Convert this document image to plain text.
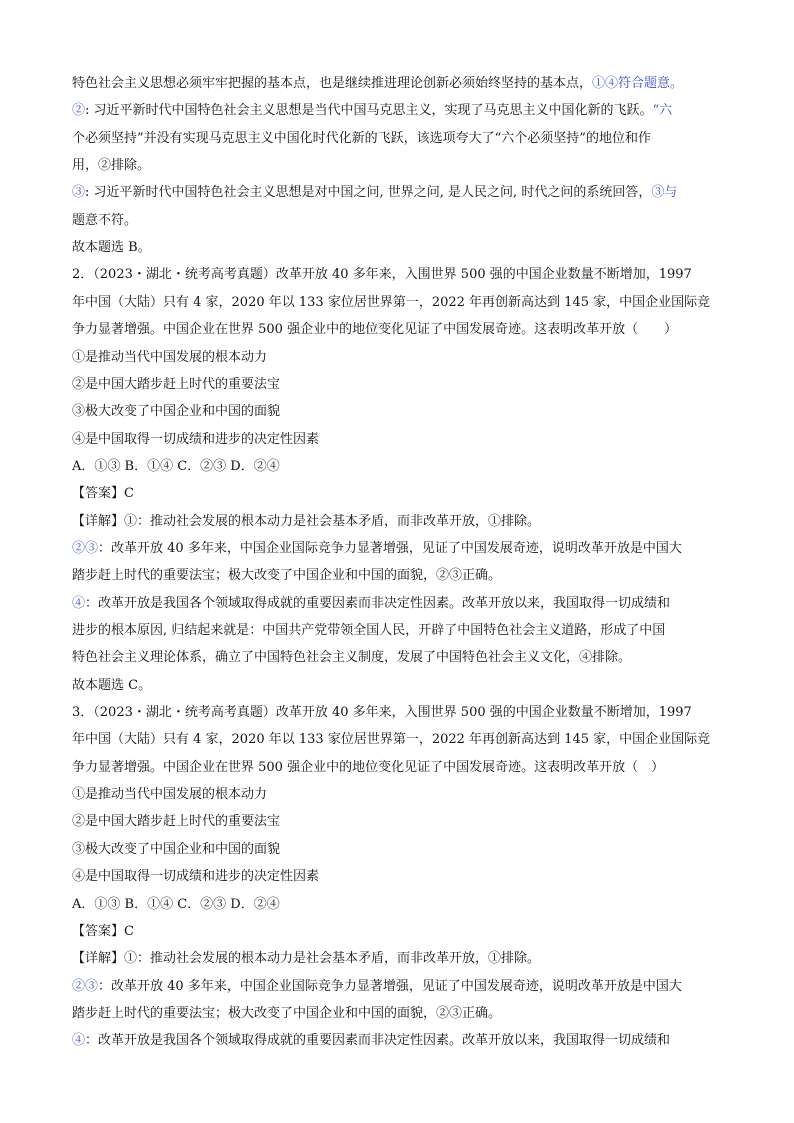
特色社会主义思想必须牢牢把握的基本点，也是继续推进理论创新必须始终坚持的基本点，①④符合题意。
②: 习近平新时代中国特色社会主义思想是当代中国马克思主义，实现了马克思主义中国化新的飞跃。“六
个必须坚持”并没有实现马克思主义中国化时代化新的飞跃，该选项夸大了“六个必须坚持”的地位和作
用，②排除。
③: 习近平新时代中国特色社会主义思想是对中国之问, 世界之问, 是人民之问, 时代之问的系统回答，③与
题意不符。
故本题选 B。
2．（2023・湖北・统考高考真题）改革开放 40 多年来，入围世界 500 强的中国企业数量不断增加，1997
年中国（大陆）只有 4 家，2020 年以 133 家位居世界第一，2022 年再创新高达到 145 家，中国企业国际竞
争力显著增强。中国企业在世界 500 强企业中的地位变化见证了中国发展奇迹。这表明改革开放（　　）
①是推动当代中国发展的根本动力
②是中国大踏步赶上时代的重要法宝
③极大改变了中国企业和中国的面貌
④是中国取得一切成绩和进步的决定性因素
A．①③ B．①④ C．②③ D．②④
【答案】C
【详解】①：推动社会发展的根本动力是社会基本矛盾，而非改革开放，①排除。
②③：改革开放 40 多年来，中国企业国际竞争力显著增强，见证了中国发展奇迹，说明改革开放是中国大
踏步赶上时代的重要法宝；极大改变了中国企业和中国的面貌，②③正确。
④：改革开放是我国各个领域取得成就的重要因素而非决定性因素。改革开放以来，我国取得一切成绩和
进步的根本原因, 归结起来就是：中国共产党带领全国人民，开辟了中国特色社会主义道路，形成了中国
特色社会主义理论体系，确立了中国特色社会主义制度，发展了中国特色社会主义文化，④排除。
故本题选 C。
3．（2023・湖北・统考高考真题）改革开放 40 多年来，入围世界 500 强的中国企业数量不断增加，1997
年中国（大陆）只有 4 家，2020 年以 133 家位居世界第一，2022 年再创新高达到 145 家，中国企业国际竞
争力显著增强。中国企业在世界 500 强企业中的地位变化见证了中国发展奇迹。这表明改革开放（　）
①是推动当代中国发展的根本动力
②是中国大踏步赶上时代的重要法宝
③极大改变了中国企业和中国的面貌
④是中国取得一切成绩和进步的决定性因素
A．①③ B．①④ C．②③ D．②④
【答案】C
【详解】①：推动社会发展的根本动力是社会基本矛盾，而非改革开放，①排除。
②③：改革开放 40 多年来，中国企业国际竞争力显著增强，见证了中国发展奇迹，说明改革开放是中国大
踏步赶上时代的重要法宝；极大改变了中国企业和中国的面貌，②③正确。
④：改革开放是我国各个领域取得成就的重要因素而非决定性因素。改革开放以来，我国取得一切成绩和
